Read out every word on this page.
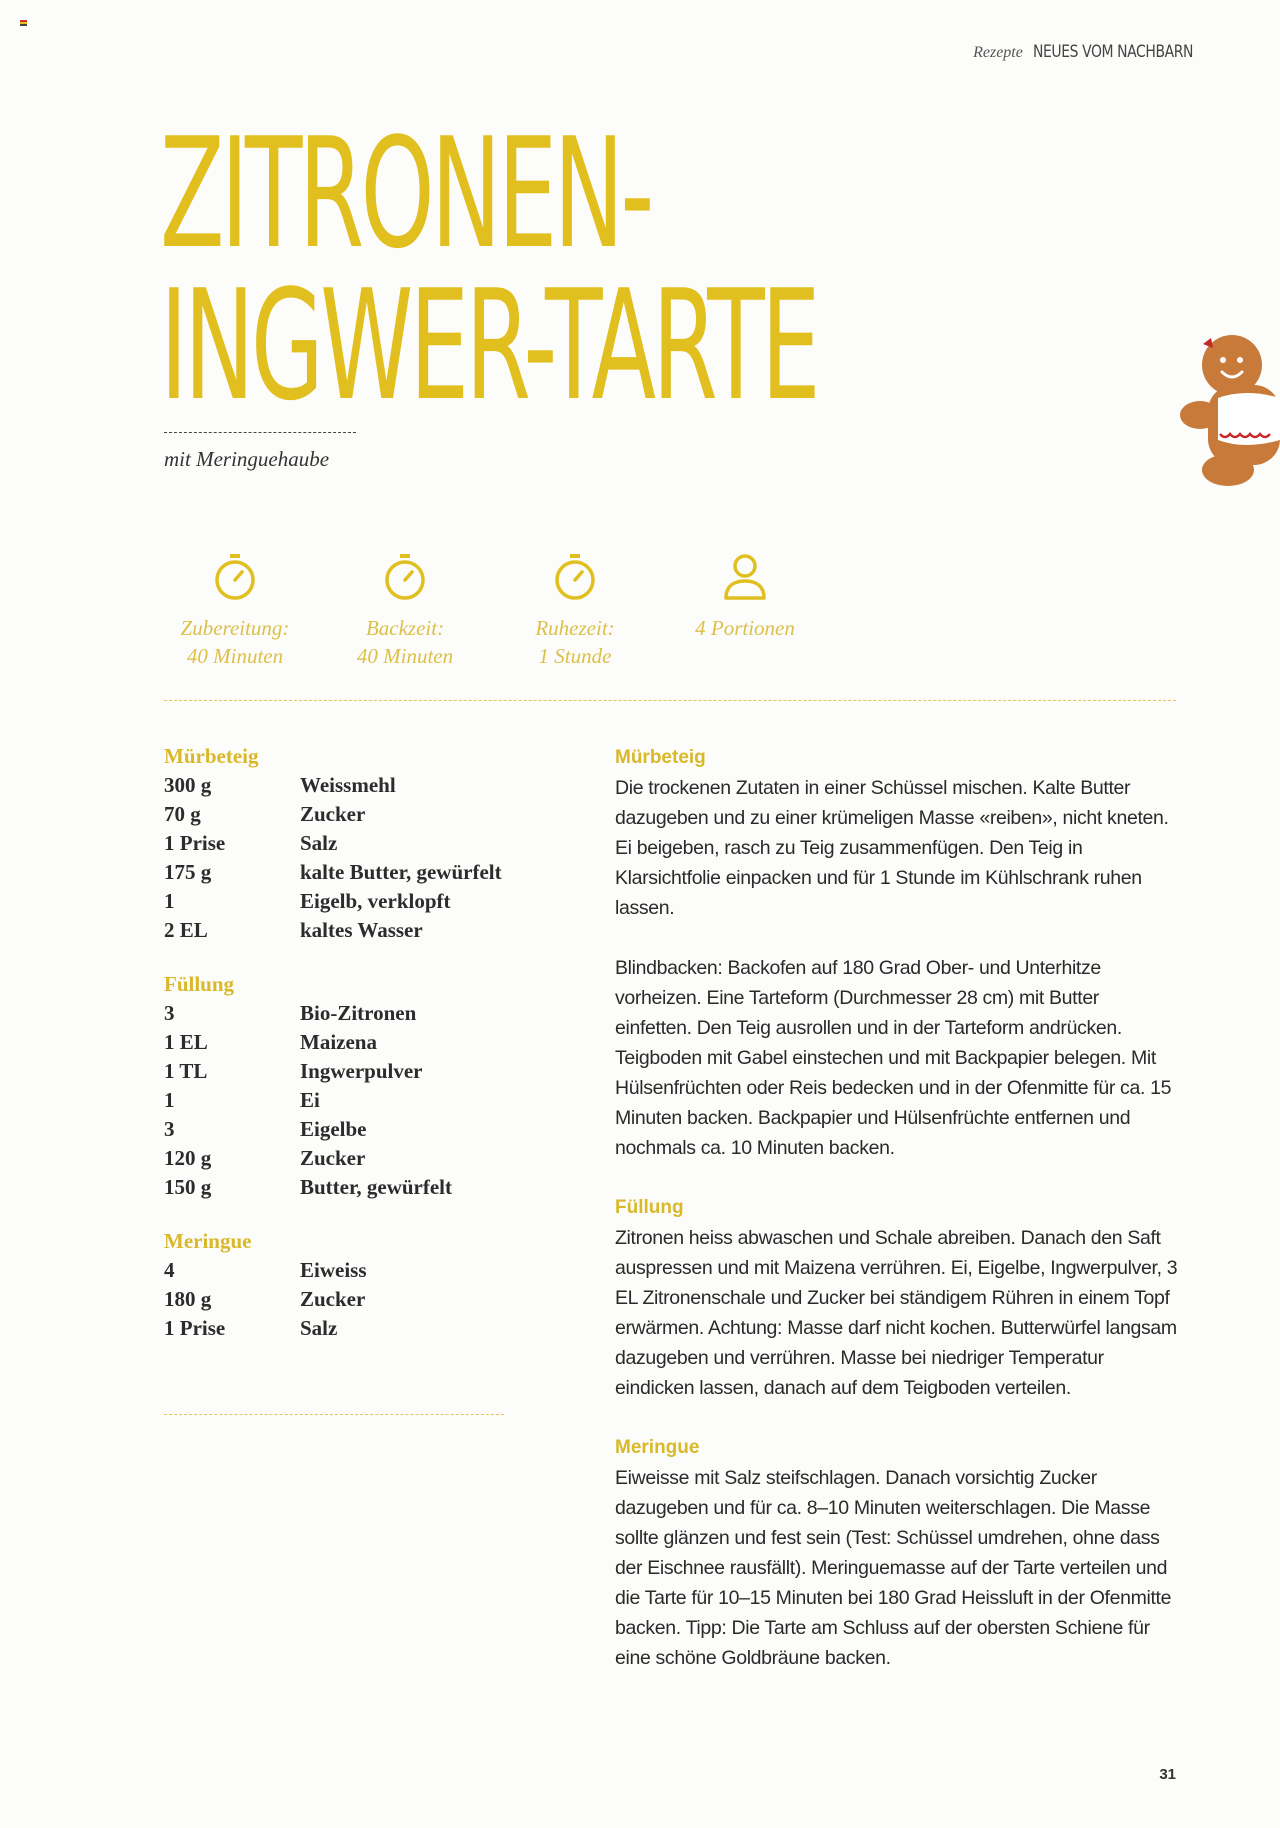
Rezepte NEUES VOM NACHBARN
ZITRONEN-
INGWER-TARTE
mit Meringuehaube
Zubereitung:
40 Minuten
Backzeit:
40 Minuten
Ruhezeit:
1 Stunde
4 Portionen
Mürbeteig
300 g	Weissmehl
70 g	Zucker
1 Prise	Salz
175 g	kalte Butter, gewürfelt
1	Eigelb, verklopft
2 EL	kaltes Wasser
Füllung
3	Bio-Zitronen
1 EL	Maizena
1 TL	Ingwerpulver
1	Ei
3	Eigelbe
120 g	Zucker
150 g	Butter, gewürfelt
Meringue
4	Eiweiss
180 g	Zucker
1 Prise	Salz
Mürbeteig

Die trockenen Zutaten in einer Schüssel mischen. Kalte Butter dazugeben und zu einer krümeligen Masse «reiben», nicht kneten. Ei beigeben, rasch zu Teig zusammenfügen. Den Teig in Klarsichtfolie einpacken und für 1 Stunde im Kühlschrank ruhen lassen.

Blindbacken: Backofen auf 180 Grad Ober- und Unterhitze vorheizen. Eine Tarteform (Durchmesser 28 cm) mit Butter einfetten. Den Teig ausrollen und in der Tarteform andrücken. Teigboden mit Gabel einstechen und mit Backpapier belegen. Mit Hülsenfrüchten oder Reis bedecken und in der Ofenmitte für ca. 15 Minuten backen. Backpapier und Hülsenfrüchte entfernen und nochmals ca. 10 Minuten backen.

Füllung

Zitronen heiss abwaschen und Schale abreiben. Danach den Saft auspressen und mit Maizena verrühren. Ei, Eigelbe, Ingwerpulver, 3 EL Zitronenschale und Zucker bei ständigem Rühren in einem Topf erwärmen. Achtung: Masse darf nicht kochen. Butterwürfel langsam dazugeben und verrühren. Masse bei niedriger Temperatur eindicken lassen, danach auf dem Teigboden verteilen.

Meringue

Eiweisse mit Salz steifschlagen. Danach vorsichtig Zucker dazugeben und für ca. 8–10 Minuten weiterschlagen. Die Masse sollte glänzen und fest sein (Test: Schüssel umdrehen, ohne dass der Eischnee rausfällt). Meringuemasse auf der Tarte verteilen und die Tarte für 10–15 Minuten bei 180 Grad Heissluft in der Ofenmitte backen. Tipp: Die Tarte am Schluss auf der obersten Schiene für eine schöne Goldbräune backen.

31
